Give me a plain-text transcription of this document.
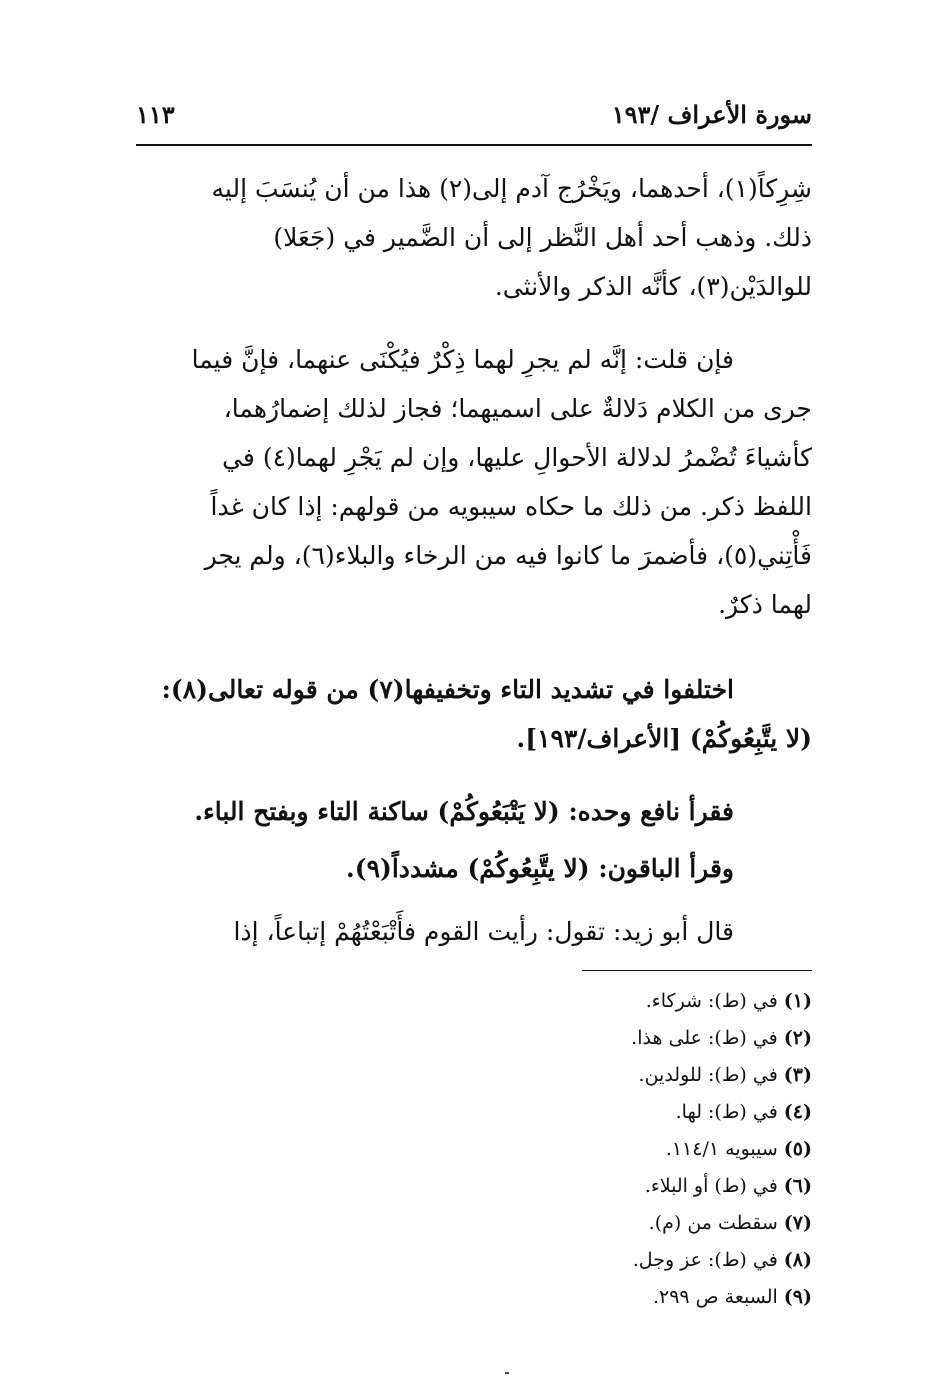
سورة الأعراف /١٩٣
١١٣

شِرِكاً(١)، أحدهما، ويَخْرُج آدم إلى(٢) هذا من أن يُنسَبَ إليه
ذلك. وذهب أحد أهل النَّظر إلى أن الضَّمير في (جَعَلا)
للوالدَيْن(٣)، كأنَّه الذكر والأنثى.

فإن قلت: إنَّه لم يجرِ لهما ذِكْرٌ فيُكْنَى عنهما، فإنَّ فيما
جرى من الكلام دَلالةٌ على اسميهما؛ فجاز لذلك إضمارُهما،
كأشياءَ تُضْمرُ لدلالة الأحوالِ عليها، وإن لم يَجْرِ لهما(٤) في
اللفظ ذكر. من ذلك ما حكاه سيبويه من قولهم: إذا كان غداً
فَأْتِني(٥)، فأضمرَ ما كانوا فيه من الرخاء والبلاء(٦)، ولم يجر
لهما ذكرٌ.

اختلفوا في تشديد التاء وتخفيفها(٧) من قوله تعالى(٨):
(لا يتَّبِعُوكُمْ) [الأعراف/١٩٣].

فقرأ نافع وحده: (لا يَتْبَعُوكُمْ) ساكنة التاء وبفتح الباء.

وقرأ الباقون: (لا يتَّبِعُوكُمْ) مشدداً(٩).

قال أبو زيد: تقول: رأيت القوم فأَتْبَعْتُهُمْ إتباعاً، إذا

(١)في (ط): شركاء.
(٢)في (ط): على هذا.
(٣)في (ط): للولدين.
(٤)في (ط): لها.
(٥)سيبويه ١١٤/١.
(٦)في (ط) أو البلاء.
(٧)سقطت من (م).
(٨)في (ط): عز وجل.
(٩)السبعة ص ٢٩٩.
